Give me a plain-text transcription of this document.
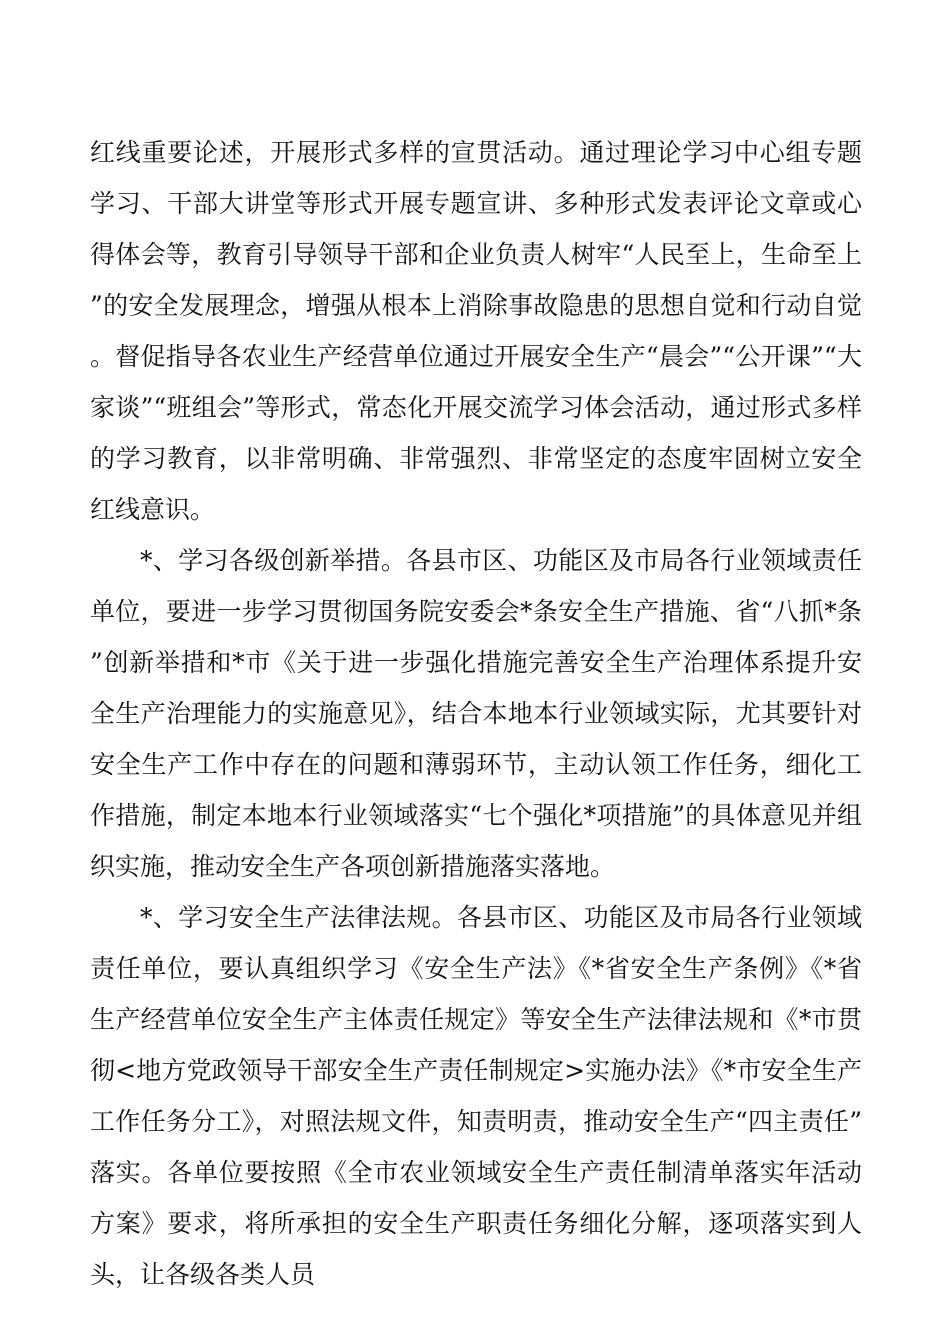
红线重要论述，开展形式多样的宣贯活动。通过理论学习中心组专题学习、干部大讲堂等形式开展专题宣讲、多种形式发表评论文章或心得体会等，教育引导领导干部和企业负责人树牢“人民至上，生命至上”的安全发展理念，增强从根本上消除事故隐患的思想自觉和行动自觉。督促指导各农业生产经营单位通过开展安全生产“晨会”“公开课”“大家谈”“班组会”等形式，常态化开展交流学习体会活动，通过形式多样的学习教育，以非常明确、非常强烈、非常坚定的态度牢固树立安全红线意识。

*、学习各级创新举措。各县市区、功能区及市局各行业领域责任单位，要进一步学习贯彻国务院安委会*条安全生产措施、省“八抓*条”创新举措和*市《关于进一步强化措施完善安全生产治理体系提升安全生产治理能力的实施意见》，结合本地本行业领域实际，尤其要针对安全生产工作中存在的问题和薄弱环节，主动认领工作任务，细化工作措施，制定本地本行业领域落实“七个强化*项措施”的具体意见并组织实施，推动安全生产各项创新措施落实落地。

*、学习安全生产法律法规。各县市区、功能区及市局各行业领域责任单位，要认真组织学习《安全生产法》《*省安全生产条例》《*省生产经营单位安全生产主体责任规定》等安全生产法律法规和《*市贯彻<地方党政领导干部安全生产责任制规定>实施办法》《*市安全生产工作任务分工》，对照法规文件，知责明责，推动安全生产“四主责任”落实。各单位要按照《全市农业领域安全生产责任制清单落实年活动方案》要求，将所承担的安全生产职责任务细化分解，逐项落实到人头，让各级各类人员
